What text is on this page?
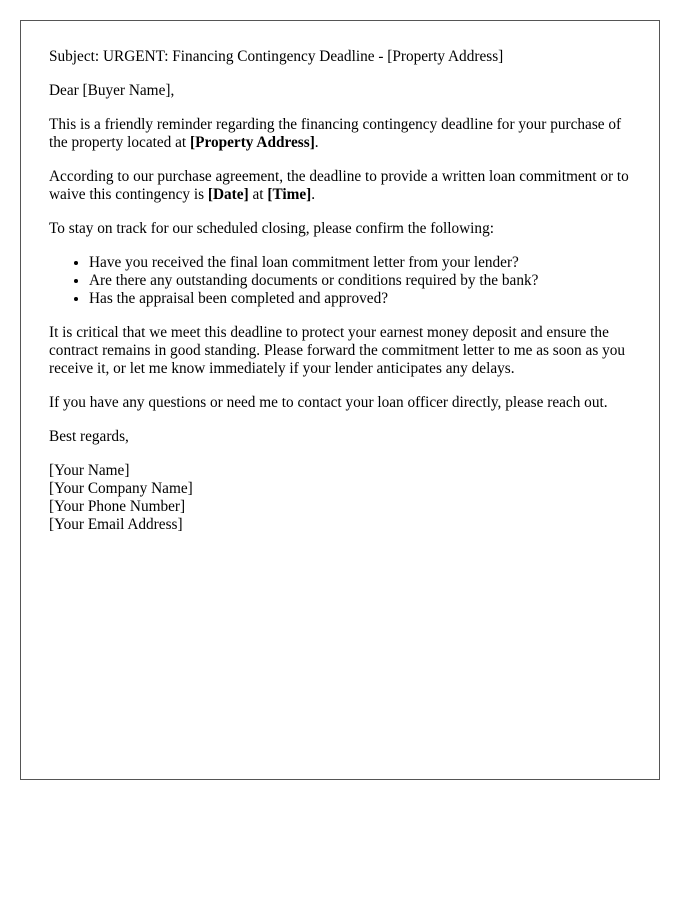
Subject: URGENT: Financing Contingency Deadline - [Property Address]

Dear [Buyer Name],

This is a friendly reminder regarding the financing contingency deadline for your purchase of the property located at [Property Address].

According to our purchase agreement, the deadline to provide a written loan commitment or to waive this contingency is [Date] at [Time].

To stay on track for our scheduled closing, please confirm the following:

• Have you received the final loan commitment letter from your lender?
• Are there any outstanding documents or conditions required by the bank?
• Has the appraisal been completed and approved?

It is critical that we meet this deadline to protect your earnest money deposit and ensure the contract remains in good standing. Please forward the commitment letter to me as soon as you receive it, or let me know immediately if your lender anticipates any delays.

If you have any questions or need me to contact your loan officer directly, please reach out.

Best regards,

[Your Name]
[Your Company Name]
[Your Phone Number]
[Your Email Address]
